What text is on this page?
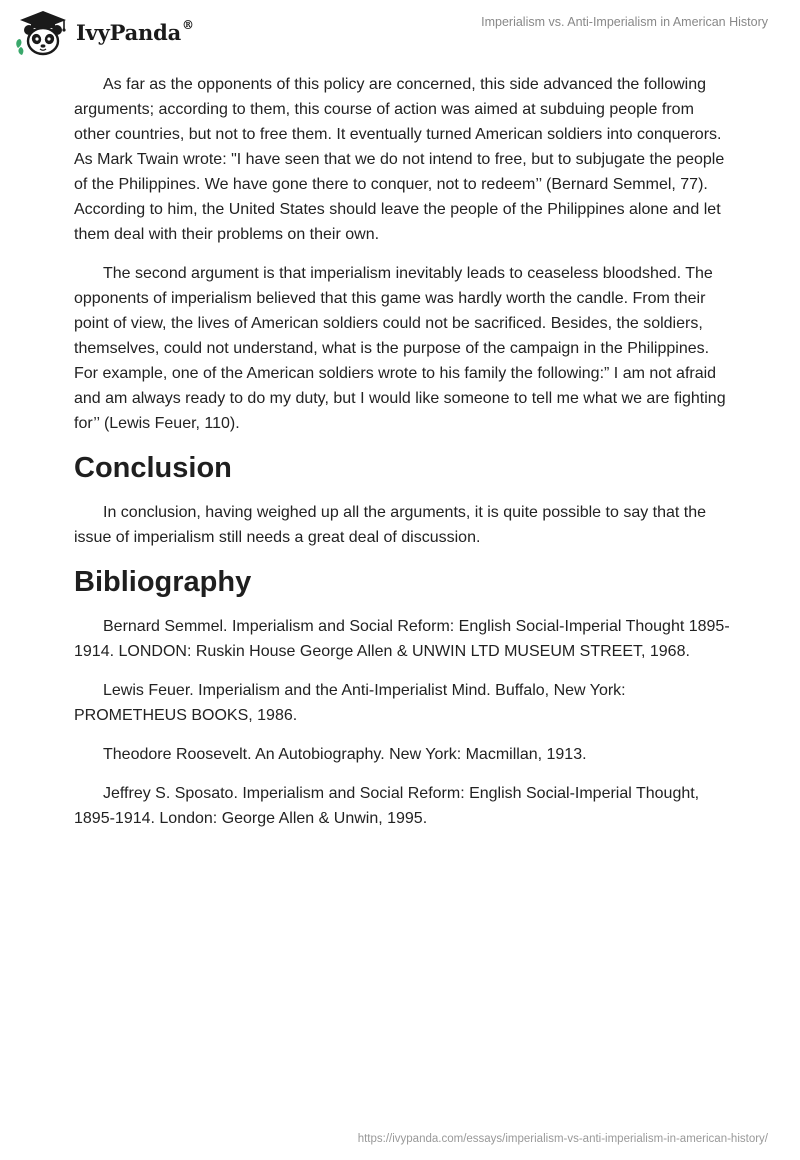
IvyPanda®	Imperialism vs. Anti-Imperialism in American History

As far as the opponents of this policy are concerned, this side advanced the following arguments; according to them, this course of action was aimed at subduing people from other countries, but not to free them. It eventually turned American soldiers into conquerors. As Mark Twain wrote: "I have seen that we do not intend to free, but to subjugate the people of the Philippines. We have gone there to conquer, not to redeem’’ (Bernard Semmel, 77). According to him, the United States should leave the people of the Philippines alone and let them deal with their problems on their own.

The second argument is that imperialism inevitably leads to ceaseless bloodshed. The opponents of imperialism believed that this game was hardly worth the candle. From their point of view, the lives of American soldiers could not be sacrificed. Besides, the soldiers, themselves, could not understand, what is the purpose of the campaign in the Philippines. For example, one of the American soldiers wrote to his family the following:” I am not afraid and am always ready to do my duty, but I would like someone to tell me what we are fighting for’’ (Lewis Feuer, 110).

Conclusion

In conclusion, having weighed up all the arguments, it is quite possible to say that the issue of imperialism still needs a great deal of discussion.

Bibliography

Bernard Semmel. Imperialism and Social Reform: English Social-Imperial Thought 1895-1914. LONDON: Ruskin House George Allen & UNWIN LTD MUSEUM STREET, 1968.

Lewis Feuer. Imperialism and the Anti-Imperialist Mind. Buffalo, New York: PROMETHEUS BOOKS, 1986.

Theodore Roosevelt. An Autobiography. New York: Macmillan, 1913.

Jeffrey S. Sposato. Imperialism and Social Reform: English Social-Imperial Thought, 1895-1914. London: George Allen & Unwin, 1995.

https://ivypanda.com/essays/imperialism-vs-anti-imperialism-in-american-history/
